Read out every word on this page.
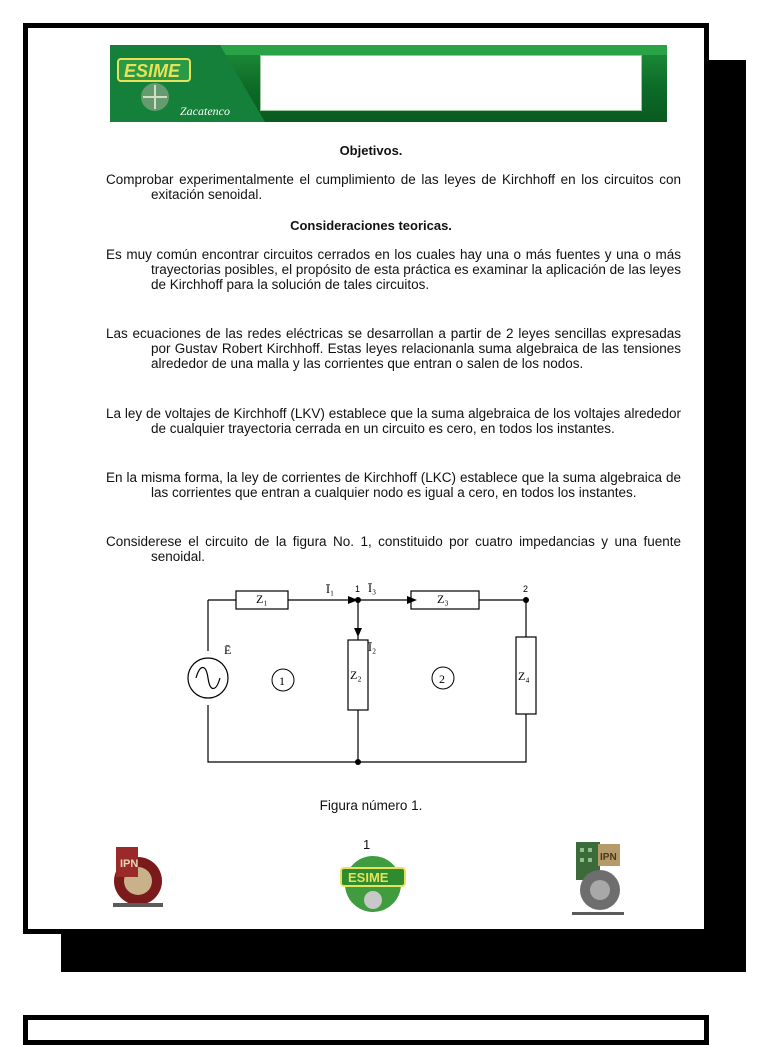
ESIME
Zacatenco
Objetivos.
Comprobar experimentalmente el cumplimiento de las leyes de Kirchhoff en los circuitos con exitación senoidal.
Consideraciones teoricas.
Es muy común encontrar circuitos cerrados en los cuales hay una o más fuentes y una o más trayectorias posibles, el propósito de esta práctica es examinar la aplicación de las leyes de Kirchhoff para la solución de tales circuitos.
Las ecuaciones de las redes eléctricas se desarrollan a partir de 2 leyes sencillas expresadas por Gustav Robert Kirchhoff. Estas leyes relacionanla suma algebraica de las tensiones alrededor de una malla y las corrientes que entran o salen de los nodos.
La ley de voltajes de Kirchhoff (LKV) establece que la suma algebraica de los voltajes alrededor de cualquier trayectoria cerrada en un circuito es cero, en todos los instantes.
En la misma forma, la ley de corrientes de Kirchhoff (LKC) establece que la suma algebraica de las corrientes que entran a cualquier nodo es igual a cero, en todos los instantes.
Considerese el circuito de la figura No. 1, constituido por cuatro impedancias y una fuente senoidal.
Z₁	Z₃
Z₂	Z₄
Ī₁	Ī₃
Ī₂
Ē
1	2
1	2
Figura número 1.
1
IPN
ESIME
IPN
